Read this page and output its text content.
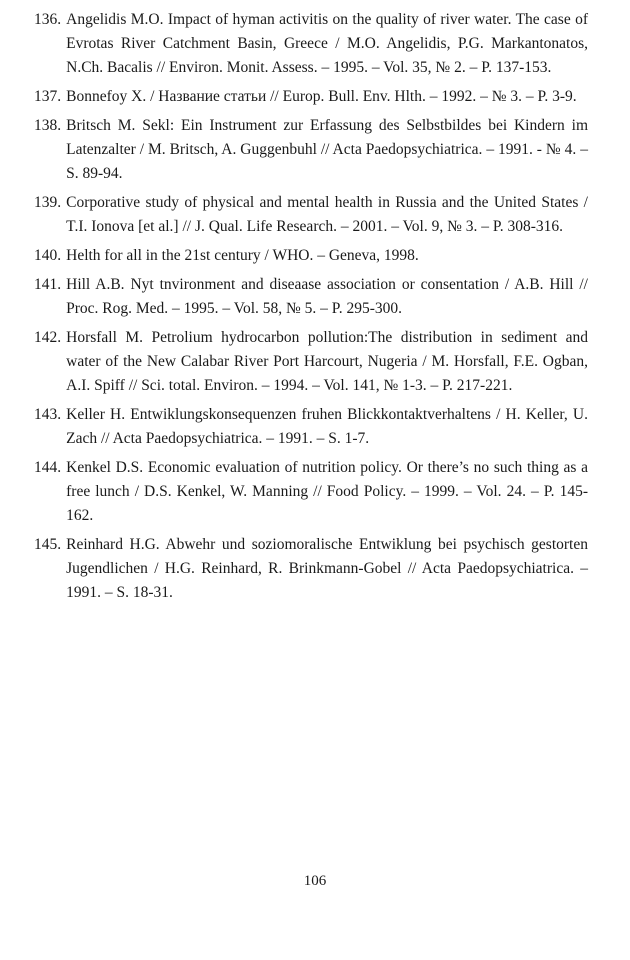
136. Angelidis M.O. Impact of hyman activitis on the quality of river water. The case of Evrotas River Catchment Basin, Greece / M.O. Angelidis, P.G. Markantonatos, N.Ch. Bacalis // Environ. Monit. Assess. – 1995. – Vol. 35, № 2. – P. 137-153.
137. Bonnefoy X. / Название статьи // Europ. Bull. Env. Hlth. – 1992. – № 3. – P. 3-9.
138. Britsch M. Sekl: Ein Instrument zur Erfassung des Selbstbildes bei Kindern im Latenzalter / M. Britsch, A. Guggenbuhl // Acta Paedopsychiatrica. – 1991. - № 4. – S. 89-94.
139. Corporative study of physical and mental health in Russia and the United States / T.I. Ionova [et al.] // J. Qual. Life Research. – 2001. – Vol. 9, № 3. – P. 308-316.
140. Helth for all in the 21st century / WHO. – Geneva, 1998.
141. Hill A.B. Nyt tnvironment and diseaase association or consentation / A.B. Hill // Proc. Rog. Med. – 1995. – Vol. 58, № 5. – P. 295-300.
142. Horsfall M. Petrolium hydrocarbon pollution:The distribution in sediment and water of the New Calabar River Port Harcourt, Nugeria / M. Horsfall, F.E. Ogban, A.I. Spiff // Sci. total. Environ. – 1994. – Vol. 141, № 1-3. – P. 217-221.
143. Keller H. Entwiklungskonsequenzen fruhen Blickkontaktverhaltens / H. Keller, U. Zach // Acta Paedopsychiatrica. – 1991. – S. 1-7.
144. Kenkel D.S. Economic evaluation of nutrition policy. Or there’s no such thing as a free lunch / D.S. Kenkel, W. Manning // Food Policy. – 1999. – Vol. 24. – P. 145-162.
145. Reinhard H.G. Abwehr und soziomoralische Entwiklung bei psychisch gestorten Jugendlichen / H.G. Reinhard, R. Brinkmann-Gobel // Acta Paedopsychiatrica. – 1991. – S. 18-31.
106
